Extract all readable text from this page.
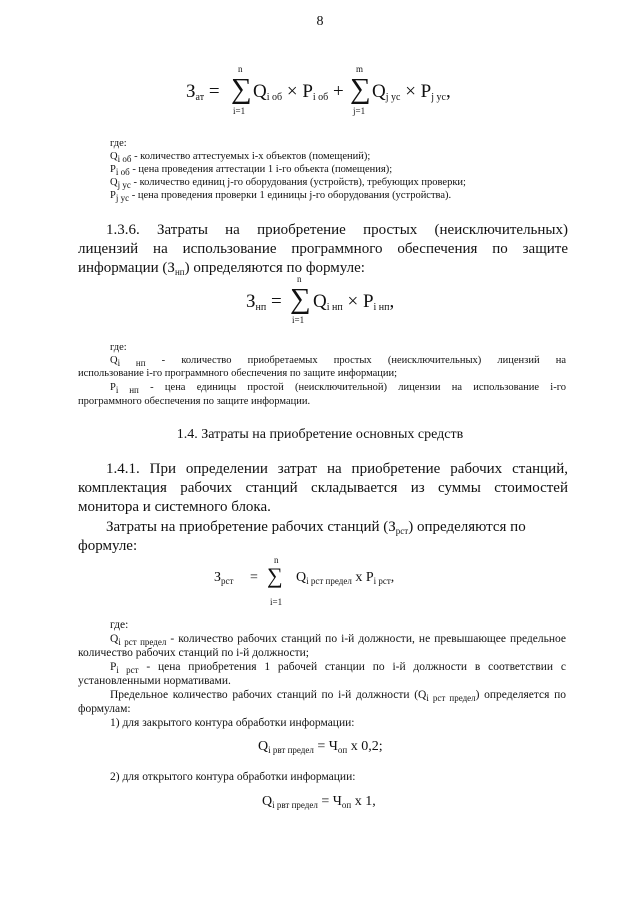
8
$З_{ат}$ =
n
∑
i=1
$Q_{i об} \times P_{i об}$ +
m
∑
j=1
$Q_{j ус} \times P_{j ус}$,
где:
$Q_{i об}$ - количество аттестуемых i-х объектов (помещений);
$P_{i об}$ - цена проведения аттестации 1 i-го объекта (помещения);
$Q_{j ус}$ - количество единиц j-го оборудования (устройств), требующих проверки;
$P_{j ус}$ - цена проведения проверки 1 единицы j-го оборудования (устройства).
1.3.6. Затраты на приобретение простых (неисключительных)
лицензий на использование программного обеспечения по защите
информации $(З_{нп})$ определяются по формуле:
$З_{нп}$ =
n
∑
i=1
$Q_{i нп} \times P_{i нп}$,
где:
$Q_{i нп}$ - количество приобретаемых простых (неисключительных) лицензий на
использование i-го программного обеспечения по защите информации;
$P_{i нп}$ - цена единицы простой (неисключительной) лицензии на использование i-го
программного обеспечения по защите информации.
1.4. Затраты на приобретение основных средств
1.4.1. При определении затрат на приобретение рабочих станций,
комплектация рабочих станций складывается из суммы стоимостей
монитора и системного блока.
Затраты на приобретение рабочих станций $(З_{рст})$ определяются по
формуле:
$З_{рст}$ =
n
∑
i=1
$Q_{i рст предел}$ x $P_{i рст}$,
где:
$Q_{i рст предел}$ - количество рабочих станций по i-й должности, не превышающее предельное
количество рабочих станций по i-й должности;
$P_{i рст}$ - цена приобретения 1 рабочей станции по i-й должности в соответствии с
установленными нормативами.
Предельное количество рабочих станций по i-й должности $(Q_{i рст предел})$ определяется по
формулам:
1) для закрытого контура обработки информации:
$Q_{i рвт предел} = Ч_{оп}$ x 0,2;
2) для открытого контура обработки информации:
$Q_{i рвт предел} = Ч_{оп}$ x 1,
